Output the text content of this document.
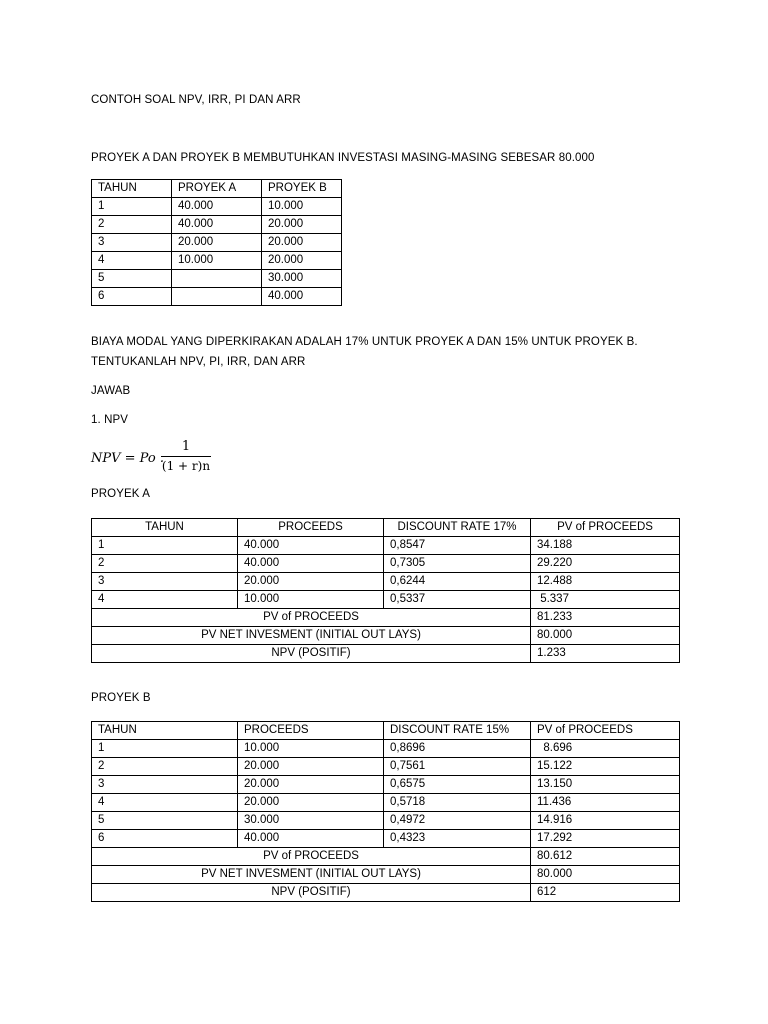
CONTOH SOAL NPV, IRR, PI DAN ARR
PROYEK A DAN PROYEK B MEMBUTUHKAN INVESTASI MASING-MASING SEBESAR 80.000
TAHUN	PROYEK A	PROYEK B
1	40.000	10.000
2	40.000	20.000
3	20.000	20.000
4	10.000	20.000
5		30.000
6		40.000
BIAYA MODAL YANG DIPERKIRAKAN ADALAH 17% UNTUK PROYEK A DAN 15% UNTUK PROYEK B.
TENTUKANLAH NPV, PI, IRR, DAN ARR
JAWAB
1. NPV
NPV = Po .
1
(1 + r)n
PROYEK A
TAHUN	PROCEEDS	DISCOUNT RATE 17%	PV of PROCEEDS
1	40.000	0,8547	34.188
2	40.000	0,7305	29.220
3	20.000	0,6244	12.488
4	10.000	0,5337	5.337
PV of PROCEEDS			81.233
PV NET INVESMENT (INITIAL OUT LAYS)			80.000
NPV (POSITIF)			1.233
PROYEK B
TAHUN	PROCEEDS	DISCOUNT RATE 15%	PV of PROCEEDS
1	10.000	0,8696	8.696
2	20.000	0,7561	15.122
3	20.000	0,6575	13.150
4	20.000	0,5718	11.436
5	30.000	0,4972	14.916
6	40.000	0,4323	17.292
PV of PROCEEDS			80.612
PV NET INVESMENT (INITIAL OUT LAYS)			80.000
NPV (POSITIF)			612
